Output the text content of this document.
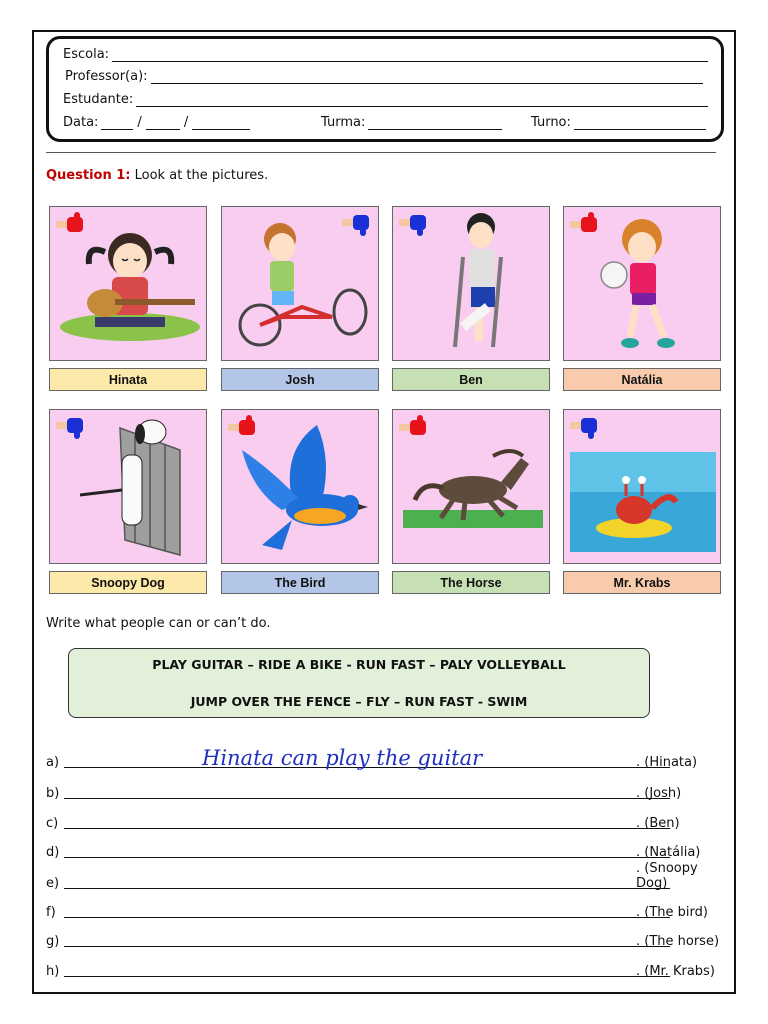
Escola:
Professor(a):
Estudante:
Data:	/	/	Turma:	Turno:
Question 1: Look at the pictures.
Hinata	Josh	Ben	Natália
Snoopy Dog	The Bird	The Horse	Mr. Krabs
Write what people can or can’t do.
PLAY GUITAR – RIDE A BIKE - RUN FAST – PALY VOLLEYBALL
JUMP OVER THE FENCE – FLY – RUN FAST - SWIM
a)	Hinata can play the guitar	. (Hinata)
b)	. (Josh)
c)	. (Ben)
d)	. (Natália)
e)
. (Snoopy Dog)
f)	. (The bird)
g)	. (The horse)
h)	. (Mr. Krabs)
